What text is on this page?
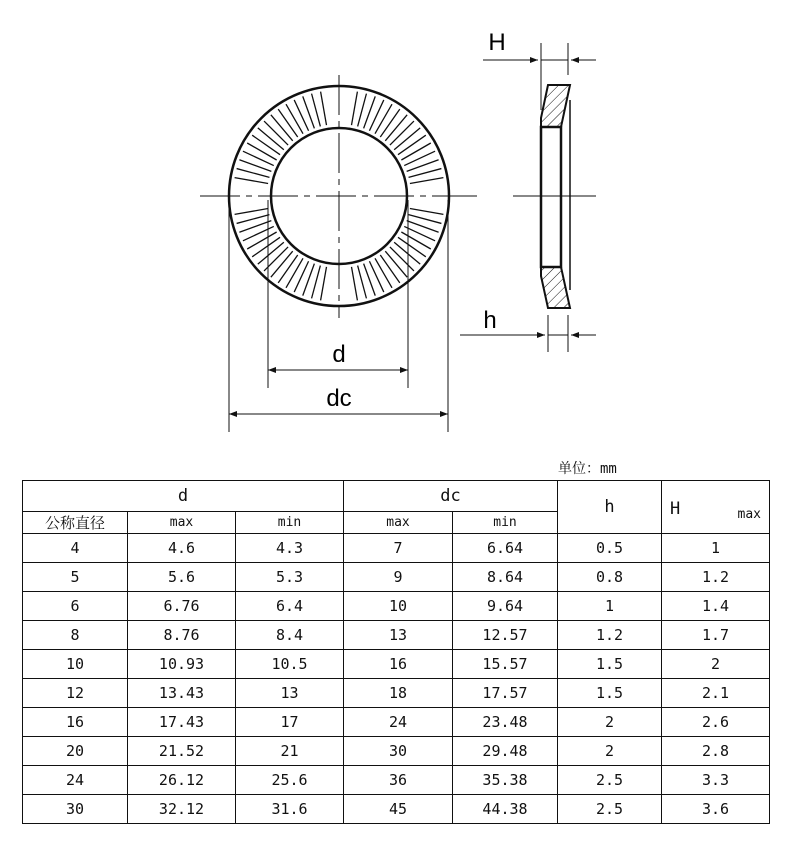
d
dc
H
h
单位：mm
d			dc		h	H max

公称直径	max	min	max	min		
4	4.6	4.3	7	6.64	0.5	1
5	5.6	5.3	9	8.64	0.8	1.2
6	6.76	6.4	10	9.64	1	1.4
8	8.76	8.4	13	12.57	1.2	1.7
10	10.93	10.5	16	15.57	1.5	2
12	13.43	13	18	17.57	1.5	2.1
16	17.43	17	24	23.48	2	2.6
20	21.52	21	30	29.48	2	2.8
24	26.12	25.6	36	35.38	2.5	3.3
30	32.12	31.6	45	44.38	2.5	3.6
